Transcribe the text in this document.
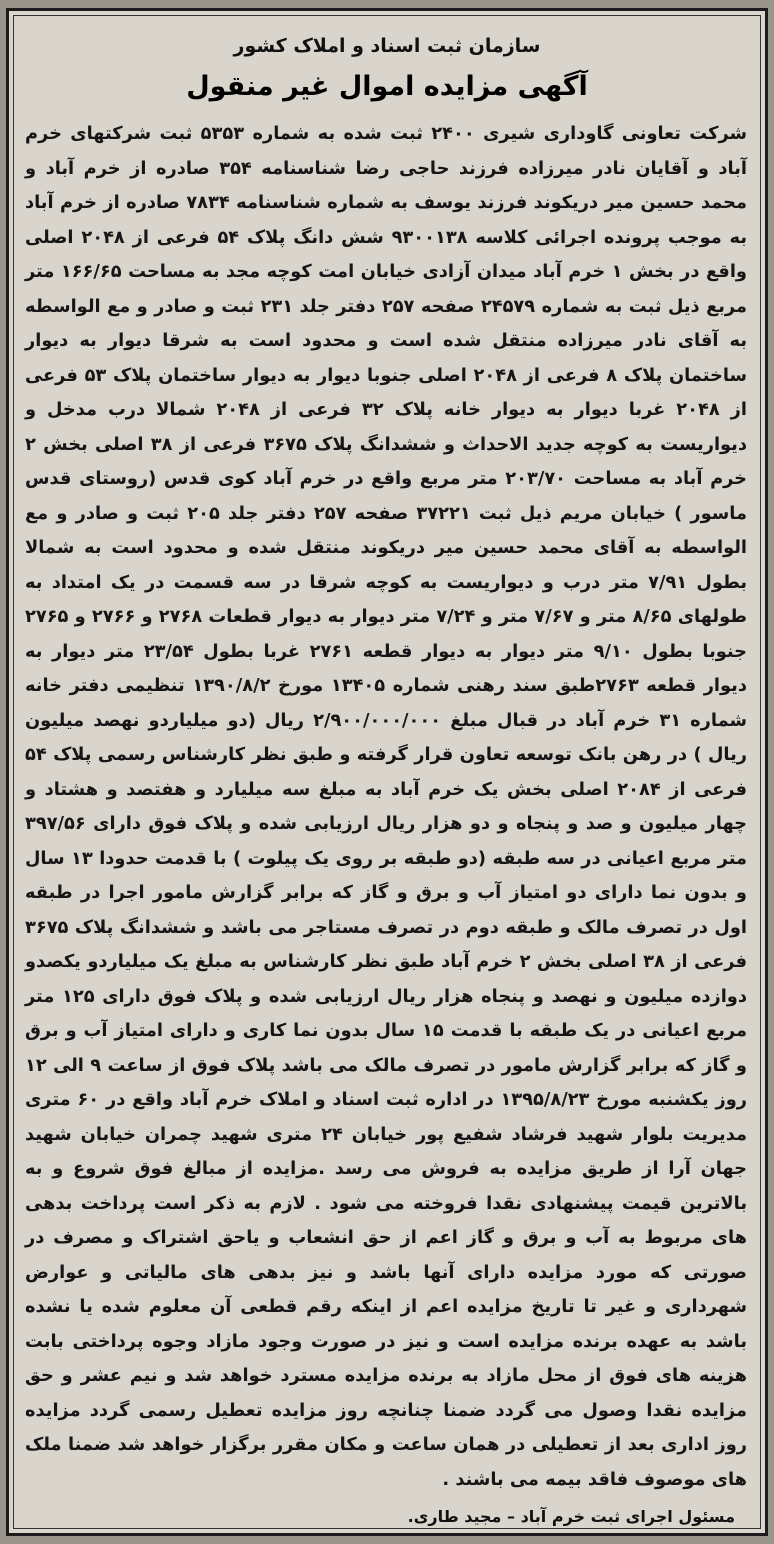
سازمان ثبت اسناد و املاک کشور
آگهی مزایده اموال غیر منقول

شرکت تعاونی گاوداری شیری ۲۴۰۰ ثبت شده به شماره ۵۳۵۳ ثبت شرکتهای خرم آباد و آقایان نادر میرزاده فرزند حاجی رضا شناسنامه ۳۵۴ صادره از خرم آباد و محمد حسین میر دریکوند فرزند یوسف به شماره شناسنامه ۷۸۳۴ صادره از خرم آباد به موجب پرونده اجرائی کلاسه ۹۳۰۰۱۳۸ شش دانگ پلاک ۵۴ فرعی از ۲۰۴۸ اصلی واقع در بخش ۱ خرم آباد میدان آزادی خیابان امت کوچه مجد به مساحت ۱۶۶/۶۵ متر مربع ذیل ثبت به شماره ۲۴۵۷۹ صفحه ۲۵۷ دفتر جلد ۲۳۱ ثبت و صادر و مع الواسطه به آقای نادر میرزاده منتقل شده است و محدود است به شرقا دیوار به دیوار ساختمان پلاک ۸ فرعی از ۲۰۴۸ اصلی جنوبا دیوار به دیوار ساختمان پلاک ۵۳ فرعی از ۲۰۴۸ غربا دیوار به دیوار خانه پلاک ۳۲ فرعی از ۲۰۴۸ شمالا درب مدخل و دیواریست به کوچه جدید الاحداث و ششدانگ پلاک ۳۶۷۵ فرعی از ۳۸ اصلی بخش ۲ خرم آباد به مساحت ۲۰۳/۷۰ متر مربع واقع در خرم آباد کوی قدس (روستای قدس ماسور ) خیابان مریم ذیل ثبت ۳۷۲۲۱ صفحه ۲۵۷ دفتر جلد ۲۰۵ ثبت و صادر و مع الواسطه به آقای محمد حسین میر دریکوند منتقل شده و محدود است به شمالا بطول ۷/۹۱ متر درب و دیواریست به کوچه شرقا در سه قسمت در یک امتداد به طولهای ۸/۶۵ متر و ۷/۶۷ متر و ۷/۲۴ متر دیوار به دیوار قطعات ۲۷۶۸ و ۲۷۶۶ و ۲۷۶۵ جنوبا بطول ۹/۱۰ متر دیوار به دیوار قطعه ۲۷۶۱ غربا بطول ۲۳/۵۴ متر دیوار به دیوار قطعه ۲۷۶۳طبق سند رهنی شماره ۱۳۴۰۵ مورخ ۱۳۹۰/۸/۲ تنظیمی دفتر خانه شماره ۳۱ خرم آباد در قبال مبلغ ۲/۹۰۰/۰۰۰/۰۰۰ ریال (دو میلیاردو نهصد میلیون ریال ) در رهن بانک توسعه تعاون قرار گرفته و طبق نظر کارشناس رسمی پلاک ۵۴ فرعی از ۲۰۸۴ اصلی بخش یک خرم آباد به مبلغ سه میلیارد و هفتصد و هشتاد و چهار میلیون و صد و پنجاه و دو هزار ریال ارزیابی شده و پلاک فوق دارای ۳۹۷/۵۶ متر مربع اعیانی در سه طبقه (دو طبقه بر روی یک پیلوت ) با قدمت حدودا ۱۳ سال و بدون نما دارای دو امتیاز آب و برق و گاز که برابر گزارش مامور اجرا در طبقه اول در تصرف مالک و طبقه دوم در تصرف مستاجر می باشد و ششدانگ پلاک ۳۶۷۵ فرعی از ۳۸ اصلی بخش ۲ خرم آباد طبق نظر کارشناس به مبلغ یک میلیاردو یکصدو دوازده میلیون و نهصد و پنجاه هزار ریال ارزیابی شده و پلاک فوق دارای ۱۲۵ متر مربع اعیانی در یک طبقه با قدمت ۱۵ سال بدون نما کاری و دارای امتیاز آب و برق و گاز که برابر گزارش مامور در تصرف مالک می باشد پلاک فوق از ساعت ۹ الی ۱۲ روز یکشنبه مورخ ۱۳۹۵/۸/۲۳ در اداره ثبت اسناد و املاک خرم آباد واقع در ۶۰ متری مدیریت بلوار شهید فرشاد شفیع پور خیابان ۲۴ متری شهید چمران خیابان شهید جهان آرا از طریق مزایده به فروش می رسد .مزایده از مبالغ فوق شروع و به بالاترین قیمت پیشنهادی نقدا فروخته می شود . لازم به ذکر است پرداخت بدهی های مربوط به آب و برق و گاز اعم از حق انشعاب و یاحق اشتراک و مصرف در صورتی که مورد مزایده دارای آنها باشد و نیز بدهی های مالیاتی و عوارض شهرداری و غیر تا تاریخ مزایده اعم از اینکه رقم قطعی آن معلوم شده یا نشده باشد به عهده برنده مزایده است و نیز در صورت وجود مازاد وجوه پرداختی بابت هزینه های فوق از محل مازاد به برنده مزایده مسترد خواهد شد و نیم عشر و حق مزایده نقدا وصول می گردد ضمنا چنانچه روز مزایده تعطیل رسمی گردد مزایده روز اداری بعد از تعطیلی در همان ساعت و مکان مقرر برگزار خواهد شد ضمنا ملک های موصوف فاقد بیمه می باشند .

مسئول اجرای ثبت خرم آباد – مجید طاری.
